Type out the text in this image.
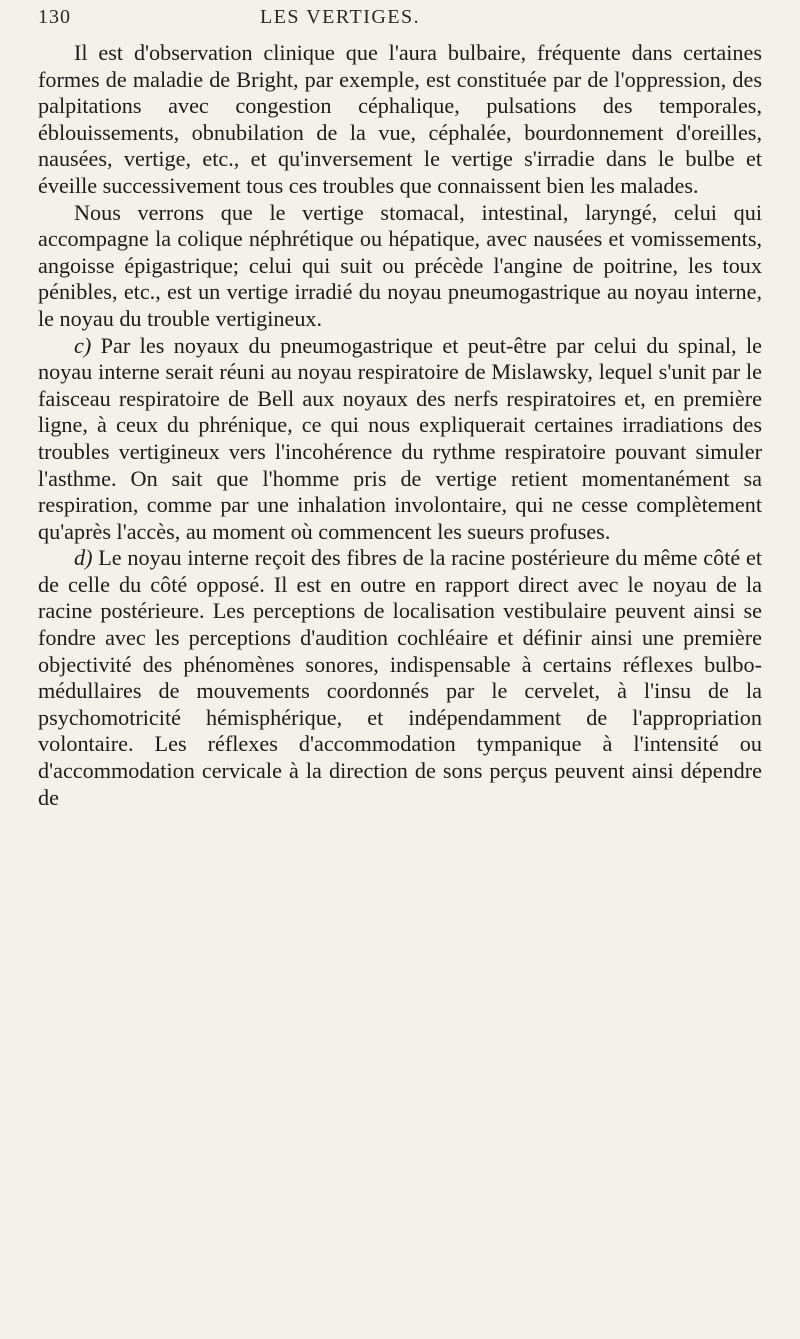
130	LES VERTIGES.

Il est d'observation clinique que l'aura bulbaire, fréquente dans certaines formes de maladie de Bright, par exemple, est constituée par de l'oppression, des palpitations avec congestion céphalique, pulsations des temporales, éblouissements, obnubilation de la vue, céphalée, bourdonnement d'oreilles, nausées, vertige, etc., et qu'inversement le vertige s'irradie dans le bulbe et éveille successivement tous ces troubles que connaissent bien les malades.

Nous verrons que le vertige stomacal, intestinal, laryngé, celui qui accompagne la colique néphrétique ou hépatique, avec nausées et vomissements, angoisse épigastrique; celui qui suit ou précède l'angine de poitrine, les toux pénibles, etc., est un vertige irradié du noyau pneumogastrique au noyau interne, le noyau du trouble vertigineux.

c) Par les noyaux du pneumogastrique et peut-être par celui du spinal, le noyau interne serait réuni au noyau respiratoire de Mislawsky, lequel s'unit par le faisceau respiratoire de Bell aux noyaux des nerfs respiratoires et, en première ligne, à ceux du phrénique, ce qui nous expliquerait certaines irradiations des troubles vertigineux vers l'incohérence du rythme respiratoire pouvant simuler l'asthme. On sait que l'homme pris de vertige retient momentanément sa respiration, comme par une inhalation involontaire, qui ne cesse complètement qu'après l'accès, au moment où commencent les sueurs profuses.

d) Le noyau interne reçoit des fibres de la racine postérieure du même côté et de celle du côté opposé. Il est en outre en rapport direct avec le noyau de la racine postérieure. Les perceptions de localisation vestibulaire peuvent ainsi se fondre avec les perceptions d'audition cochléaire et définir ainsi une première objectivité des phénomènes sonores, indispensable à certains réflexes bulbo-médullaires de mouvements coordonnés par le cervelet, à l'insu de la psychomotricité hémisphérique, et indépendamment de l'appropriation volontaire. Les réflexes d'accommodation tympanique à l'intensité ou d'accommodation cervicale à la direction de sons perçus peuvent ainsi dépendre de
